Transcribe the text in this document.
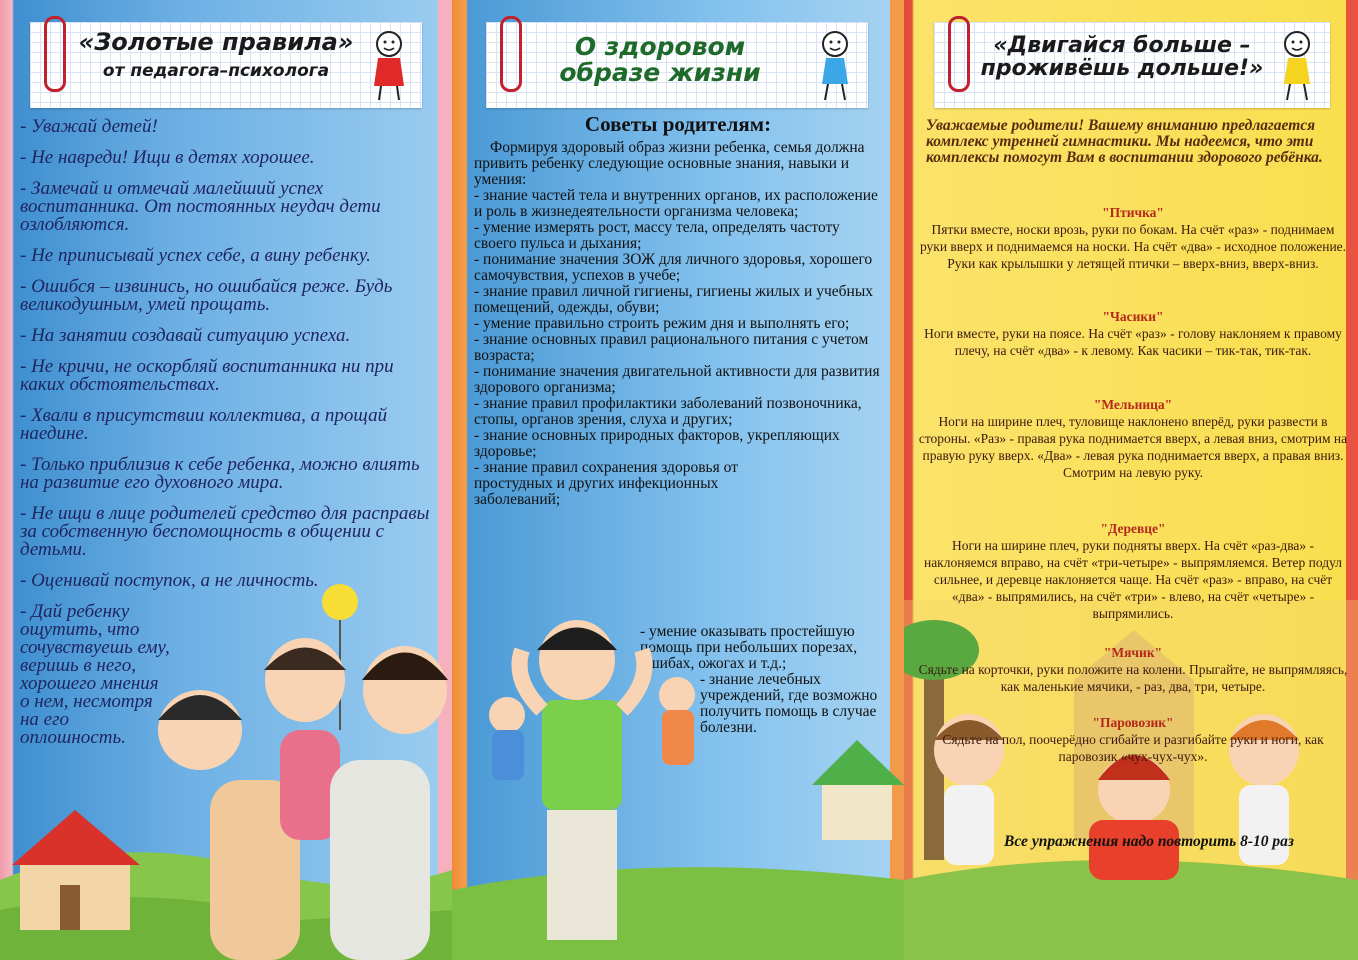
«Золотые правила»
от педагога–психолога
- Уважай детей!
- Не навреди! Ищи в детях хорошее.
- Замечай и отмечай малейший успех воспитанника. От постоянных неудач дети озлобляются.
- Не приписывай успех себе, а вину ребенку.
- Ошибся – извинись, но ошибайся реже. Будь великодушным, умей прощать.
- На занятии создавай ситуацию успеха.
- Не кричи, не оскорбляй воспитанника ни при каких обстоятельствах.
- Хвали в присутствии коллектива, а прощай наедине.
- Только приблизив к себе ребенка, можно влиять на развитие его духовного мира.
- Не ищи в лице родителей средство для расправы за собственную беспомощность в общении с детьми.
- Оценивай поступок, а не личность.
- Дай ребенку ощутить, что сочувствуешь ему, веришь в него, хорошего мнения о нем, несмотря на его оплошность.
О здоровом образе жизни
Советы родителям:
Формируя здоровый образ жизни ребенка, семья должна привить ребенку следующие основные знания, навыки и умения:
- знание частей тела и внутренних органов, их расположение и роль в жизнедеятельности организма человека;
- умение измерять рост, массу тела, определять частоту своего пульса и дыхания;
- понимание значения ЗОЖ для личного здоровья, хорошего самочувствия, успехов в учебе;
- знание правил личной гигиены, гигиены жилых и учебных помещений, одежды, обуви;
- умение правильно строить режим дня и выполнять его;
- знание основных правил рационального питания с учетом возраста;
- понимание значения двигательной активности для развития здорового организма;
- знание правил профилактики заболеваний позвоночника, стопы, органов зрения, слуха и других;
- знание основных природных факторов, укрепляющих здоровье;
- знание правил сохранения здоровья от простудных и других инфекционных заболеваний;
- умение оказывать простейшую помощь при небольших порезах, ушибах, ожогах и т.д.;
- знание лечебных учреждений, где возможно получить помощь в случае болезни.
«Двигайся больше – проживёшь дольше!»
Уважаемые родители! Вашему вниманию предлагается комплекс утренней гимнастики. Мы надеемся, что эти комплексы помогут Вам в воспитании здорового ребёнка.
"Птичка"
Пятки вместе, носки врозь, руки по бокам. На счёт «раз» - поднимаем руки вверх и поднимаемся на носки. На счёт «два» - исходное положение. Руки как крылышки у летящей птички – вверх-вниз, вверх-вниз.
"Часики"
Ноги вместе, руки на поясе. На счёт «раз» - голову наклоняем к правому плечу, на счёт «два» - к левому. Как часики – тик-так, тик-так.
"Мельница"
Ноги на ширине плеч, туловище наклонено вперёд, руки развести в стороны. «Раз» - правая рука поднимается вверх, а левая вниз, смотрим на правую руку вверх. «Два» - левая рука поднимается вверх, а правая вниз. Смотрим на левую руку.
"Деревце"
Ноги на ширине плеч, руки подняты вверх. На счёт «раз-два» - наклоняемся вправо, на счёт «три-четыре» - выпрямляемся. Ветер подул сильнее, и деревце наклоняется чаще. На счёт «раз» - вправо, на счёт «два» - выпрямились, на счёт «три» - влево, на счёт «четыре» - выпрямились.
"Мячик"
Сядьте на корточки, руки положите на колени. Прыгайте, не выпрямляясь, как маленькие мячики, - раз, два, три, четыре.
"Паровозик"
Сядьте на пол, поочерёдно сгибайте и разгибайте руки и ноги, как паровозик «чух-чух-чух».
Все упражнения надо повторить 8-10 раз
